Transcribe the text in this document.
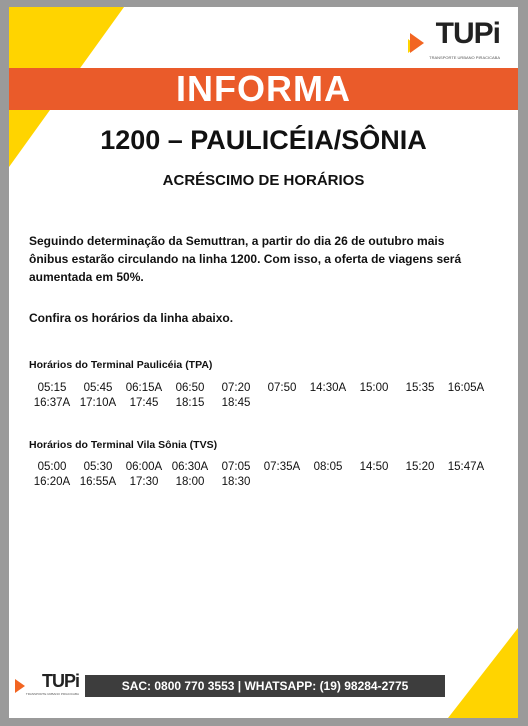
TUPi
TRANSPORTE URBANO PIRACICABA
INFORMA
1200 – PAULICÉIA/SÔNIA
ACRÉSCIMO DE HORÁRIOS
Seguindo determinação da Semuttran, a partir do dia 26 de outubro mais ônibus estarão circulando na linha 1200. Com isso, a oferta de viagens será aumentada em 50%.
Confira os horários da linha abaixo.
Horários do Terminal Paulicéia (TPA)
05:15	05:45	06:15A	06:50	07:20	07:50	14:30A	15:00	15:35	16:05A
16:37A 17:10A	17:45	18:15	18:45
Horários do Terminal Vila Sônia (TVS)
05:00	05:30	06:00A 06:30A	07:05	07:35A	08:05	14:50	15:20	15:47A
16:20A 16:55A	17:30	18:00	18:30
TUPi
TRANSPORTE URBANO PIRACICABA
SAC: 0800 770 3553 | WHATSAPP: (19) 98284-2775
